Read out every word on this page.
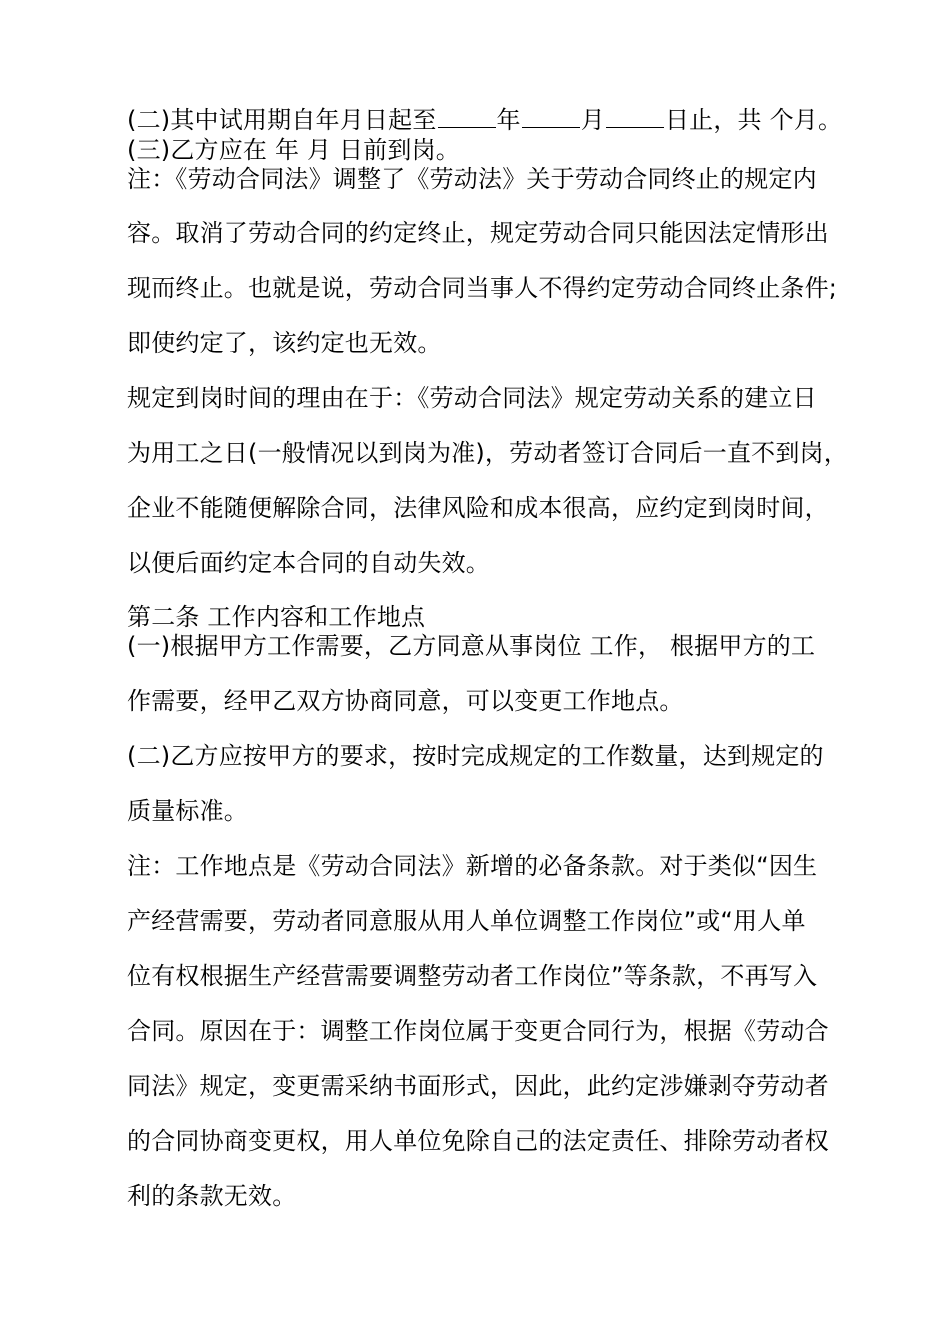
(二)其中试用期自年月日起至	年	月	日止，共 个月。
(三)乙方应在 年 月 日前到岗。
注：《劳动合同法》调整了《劳动法》关于劳动合同终止的规定内
容。取消了劳动合同的约定终止，规定劳动合同只能因法定情形出
现而终止。也就是说，劳动合同当事人不得约定劳动合同终止条件;
即使约定了，该约定也无效。
规定到岗时间的理由在于：《劳动合同法》规定劳动关系的建立日
为用工之日(一般情况以到岗为准)，劳动者签订合同后一直不到岗，
企业不能随便解除合同，法律风险和成本很高，应约定到岗时间，
以便后面约定本合同的自动失效。
第二条 工作内容和工作地点
(一)根据甲方工作需要，乙方同意从事岗位 工作， 根据甲方的工
作需要，经甲乙双方协商同意，可以变更工作地点。
(二)乙方应按甲方的要求，按时完成规定的工作数量，达到规定的
质量标准。
注：工作地点是《劳动合同法》新增的必备条款。对于类似“因生
产经营需要，劳动者同意服从用人单位调整工作岗位”或“用人单
位有权根据生产经营需要调整劳动者工作岗位”等条款，不再写入
合同。原因在于：调整工作岗位属于变更合同行为，根据《劳动合
同法》规定，变更需采纳书面形式，因此，此约定涉嫌剥夺劳动者
的合同协商变更权，用人单位免除自己的法定责任、排除劳动者权
利的条款无效。
